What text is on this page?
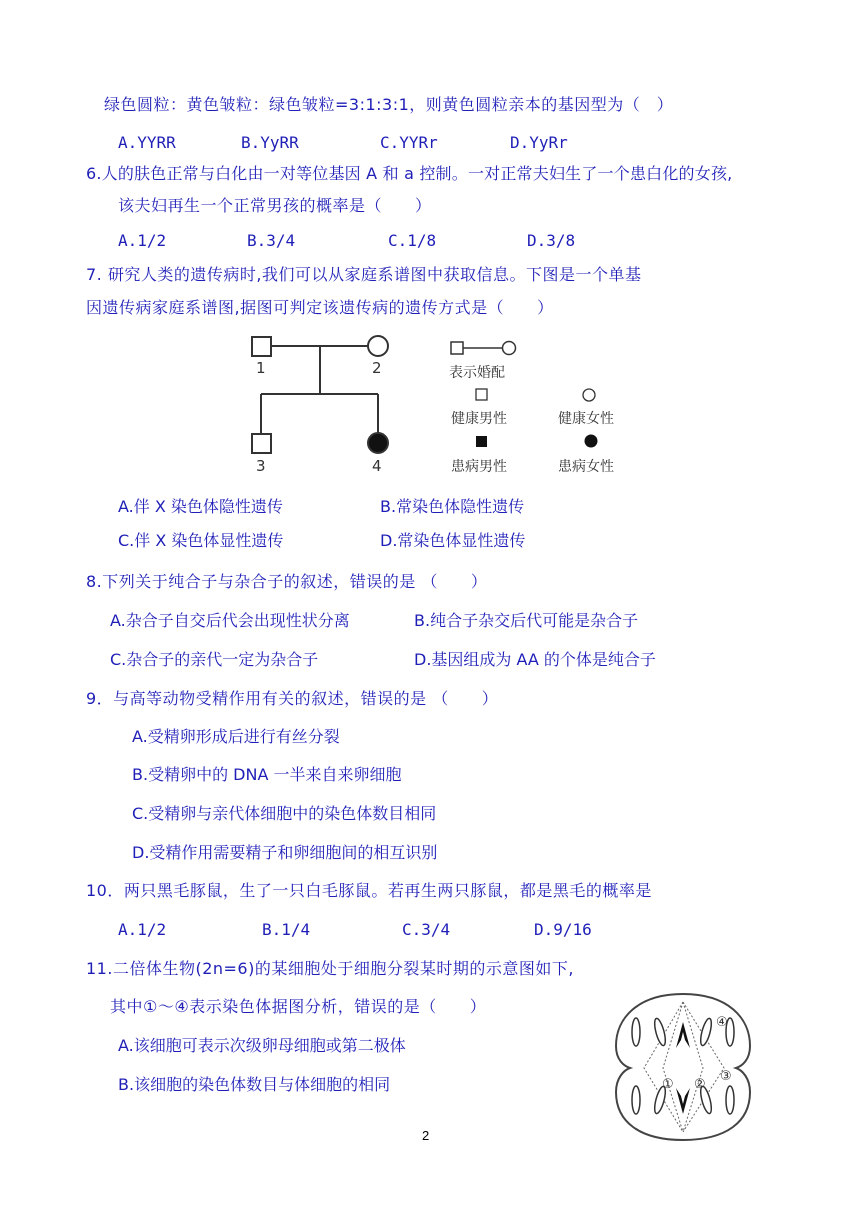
绿色圆粒：黄色皱粒：绿色皱粒=3:1:3:1，则黄色圆粒亲本的基因型为（　）
A.YYRR	B.YyRR	C.YYRr	D.YyRr
6.人的肤色正常与白化由一对等位基因 A 和 a 控制。一对正常夫妇生了一个患白化的女孩,
该夫妇再生一个正常男孩的概率是（　　）
A.1/2	B.3/4	C.1/8	D.3/8
7. 研究人类的遗传病时,我们可以从家庭系谱图中获取信息。下图是一个单基
因遗传病家庭系谱图,据图可判定该遗传病的遗传方式是（　　）
1	2
3	4
表示婚配
健康男性	健康女性
患病男性	患病女性
A.伴 X 染色体隐性遗传	B.常染色体隐性遗传
C.伴 X 染色体显性遗传	D.常染色体显性遗传
8.下列关于纯合子与杂合子的叙述，错误的是 （　　）
A.杂合子自交后代会出现性状分离	B.纯合子杂交后代可能是杂合子
C.杂合子的亲代一定为杂合子	D.基因组成为 AA 的个体是纯合子
9．与高等动物受精作用有关的叙述，错误的是 （　　）
A.受精卵形成后进行有丝分裂
B.受精卵中的 DNA 一半来自来卵细胞
C.受精卵与亲代体细胞中的染色体数目相同
D.受精作用需要精子和卵细胞间的相互识别
10．两只黑毛豚鼠，生了一只白毛豚鼠。若再生两只豚鼠，都是黑毛的概率是
A.1/2	B.1/4	C.3/4	D.9/16
11.二倍体生物(2n=6)的某细胞处于细胞分裂某时期的示意图如下,
其中①～④表示染色体据图分析，错误的是（　　）
A.该细胞可表示次级卵母细胞或第二极体
B.该细胞的染色体数目与体细胞的相同	① ②
③
④
2
